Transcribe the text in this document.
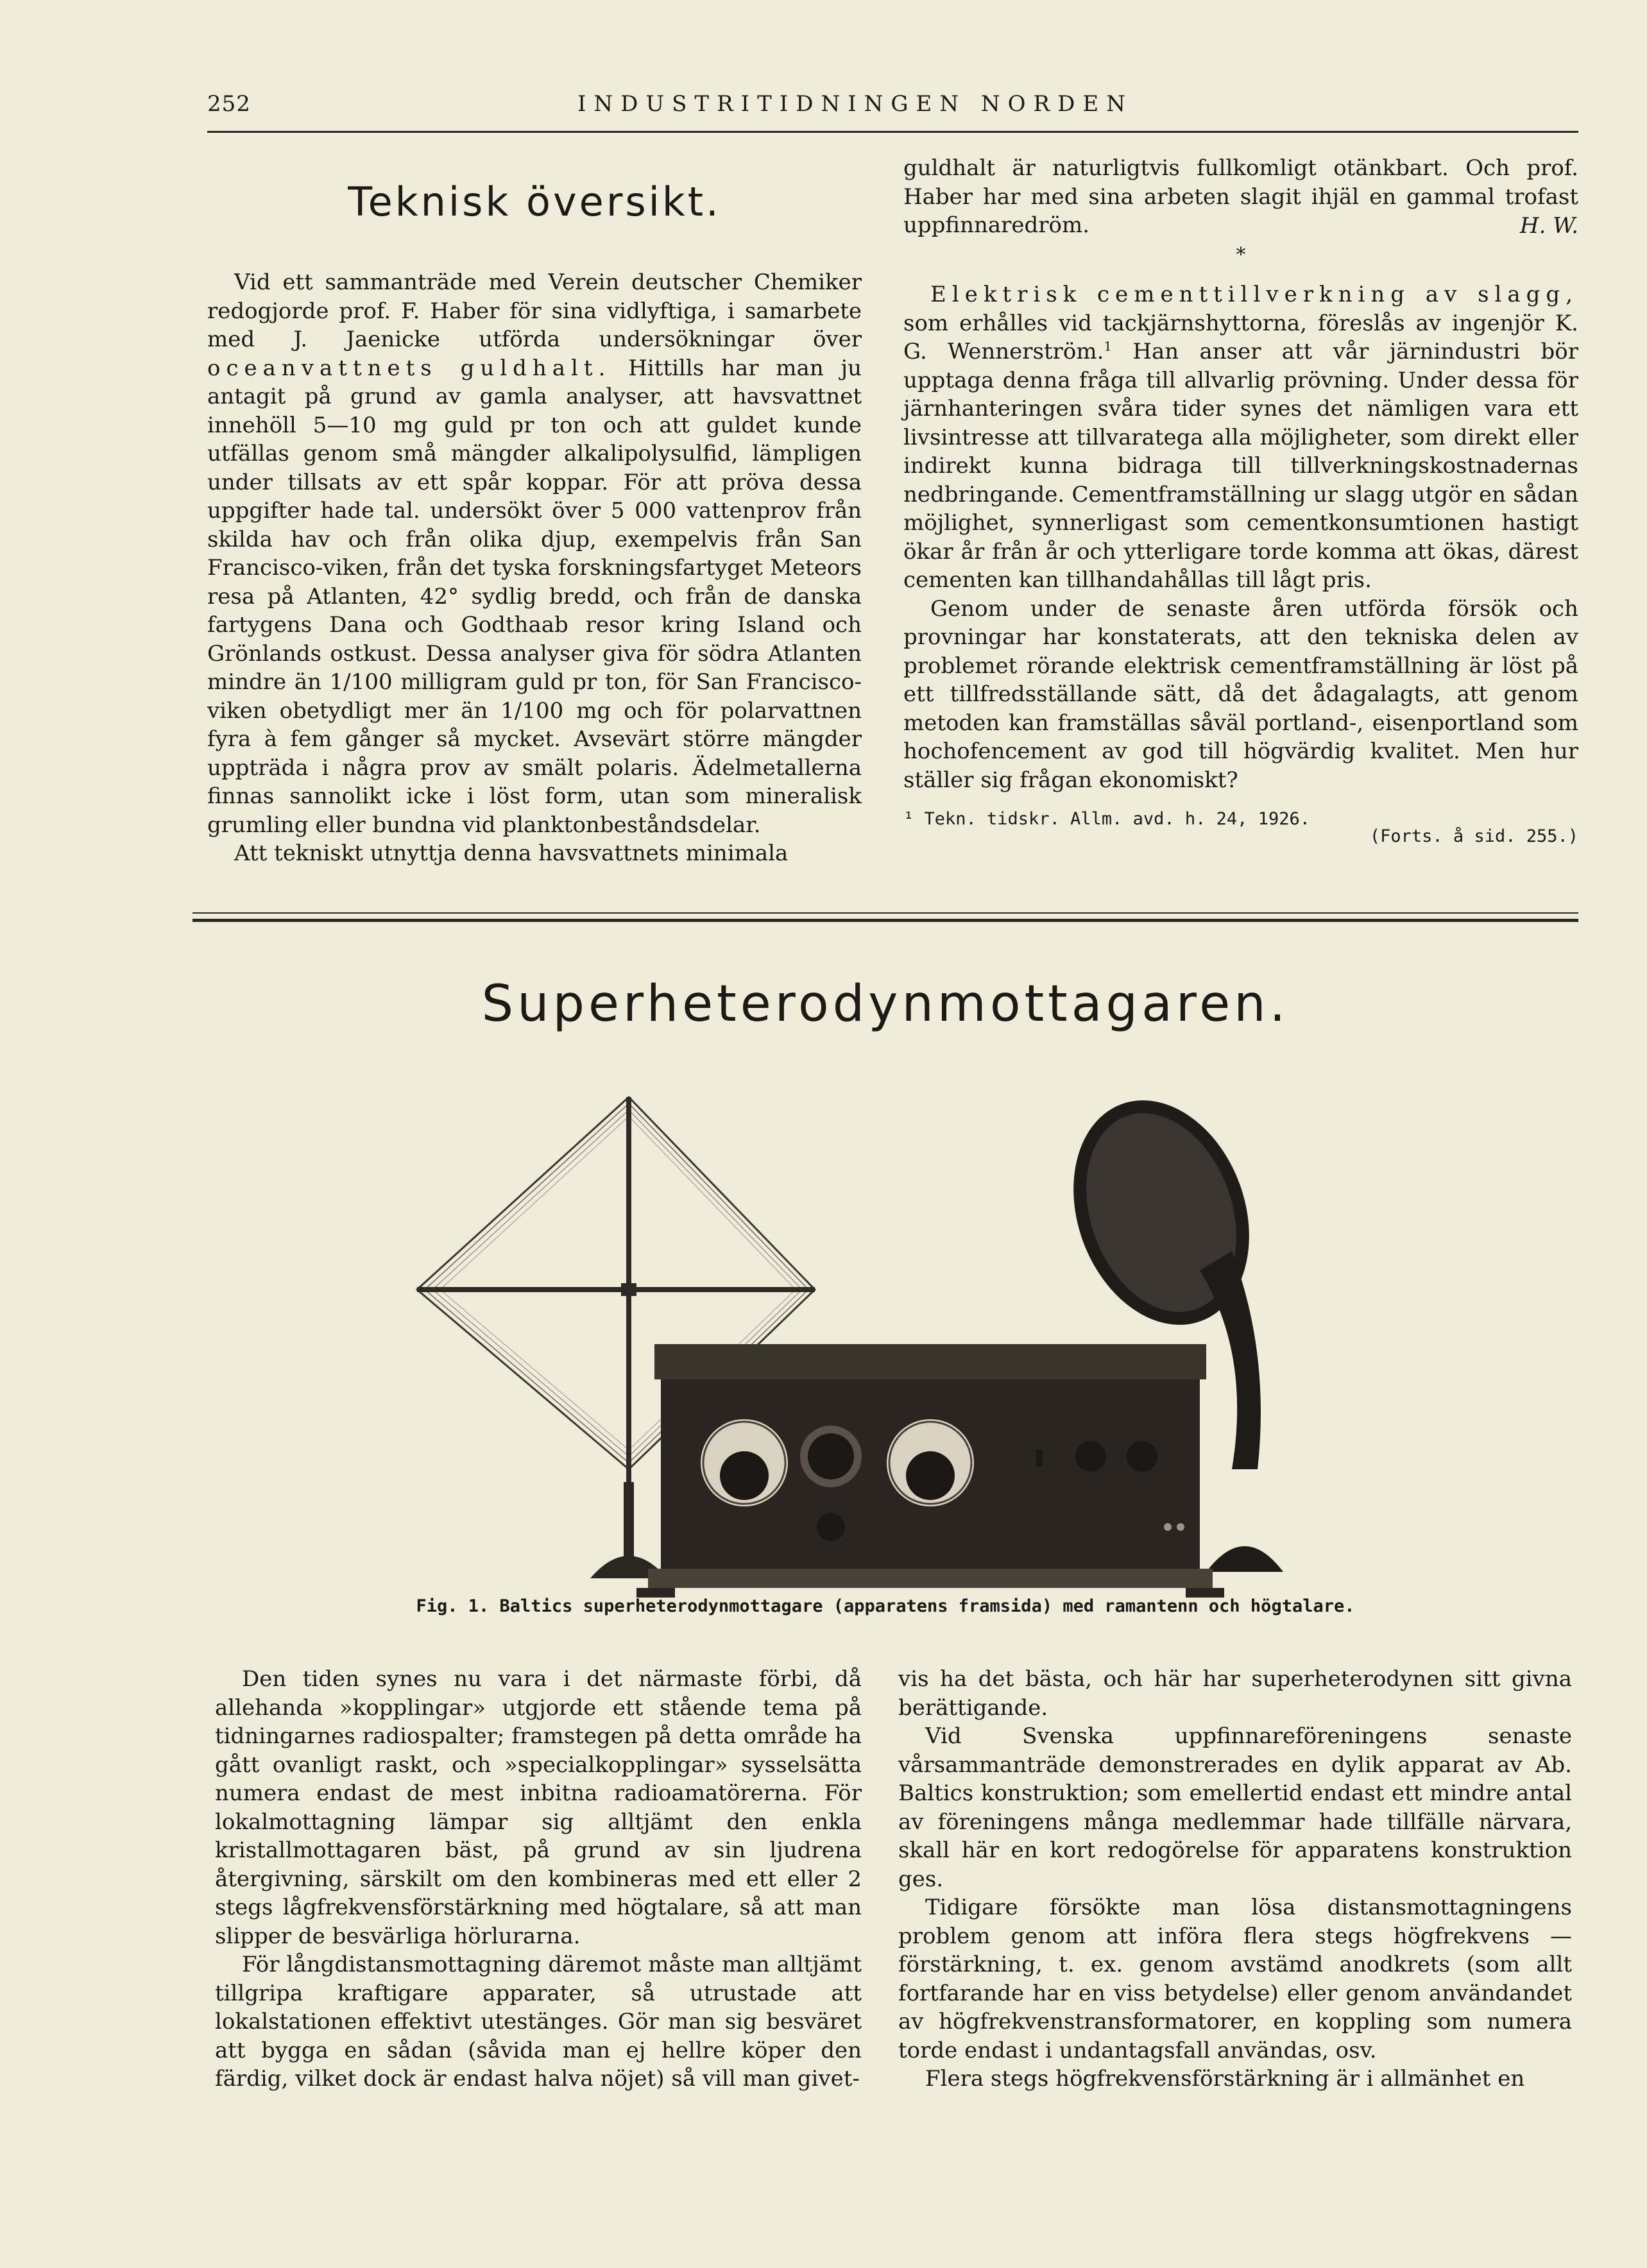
252	INDUSTRITIDNINGEN NORDEN
Teknisk översikt.

Vid ett sammanträde med Verein deutscher Chemiker redogjorde prof. F. Haber för sina vidlyftiga, i samarbete med J. Jaenicke utförda undersökningar över oceanvattnets guldhalt. Hittills har man ju antagit på grund av gamla analyser, att havsvattnet innehöll 5—10 mg guld pr ton och att guldet kunde utfällas genom små mängder alkalipolysulfid, lämpligen under tillsats av ett spår koppar. För att pröva dessa uppgifter hade tal. undersökt över 5 000 vattenprov från skilda hav och från olika djup, exempelvis från San Francisco-viken, från det tyska forskningsfartyget Meteors resa på Atlanten, 42° sydlig bredd, och från de danska fartygens Dana och Godthaab resor kring Island och Grönlands ostkust. Dessa analyser giva för södra Atlanten mindre än 1/100 milligram guld pr ton, för San Francisco-viken obetydligt mer än 1/100 mg och för polarvattnen fyra à fem gånger så mycket. Avsevärt större mängder uppträda i några prov av smält polaris. Ädelmetallerna finnas sannolikt icke i löst form, utan som mineralisk grumling eller bundna vid planktonbeståndsdelar.

Att tekniskt utnyttja denna havsvattnets minimala

guldhalt är naturligtvis fullkomligt otänkbart. Och prof. Haber har med sina arbeten slagit ihjäl en gammal trofast uppfinnaredröm.	H. W.
*

Elektrisk cementtillverkning av slagg, som erhålles vid tackjärnshyttorna, föreslås av ingenjör K. G. Wennerström.$^1$ Han anser att vår järnindustri bör upptaga denna fråga till allvarlig prövning. Under dessa för järnhanteringen svåra tider synes det nämligen vara ett livsintresse att tillvaratega alla möjligheter, som direkt eller indirekt kunna bidraga till tillverkningskostnadernas nedbringande. Cementframställning ur slagg utgör en sådan möjlighet, synnerligast som cementkonsumtionen hastigt ökar år från år och ytterligare torde komma att ökas, därest cementen kan tillhandahållas till lågt pris.

Genom under de senaste åren utförda försök och provningar har konstaterats, att den tekniska delen av problemet rörande elektrisk cementframställning är löst på ett tillfredsställande sätt, då det ådagalagts, att genom metoden kan framställas såväl portland-, eisenportland som hochofencement av god till högvärdig kvalitet. Men hur ställer sig frågan ekonomiskt?

¹ Tekn. tidskr. Allm. avd. h. 24, 1926.
(Forts. å sid. 255.)
Superheterodynmottagaren.
Fig. 1. Baltics superheterodynmottagare (apparatens framsida) med ramantenn och högtalare.

Den tiden synes nu vara i det närmaste förbi, då allehanda »kopplingar» utgjorde ett stående tema på tidningarnes radiospalter; framstegen på detta område ha gått ovanligt raskt, och »specialkopplingar» sysselsätta numera endast de mest inbitna radioamatörerna. För lokalmottagning lämpar sig alltjämt den enkla kristallmottagaren bäst, på grund av sin ljudrena återgivning, särskilt om den kombineras med ett eller 2 stegs lågfrekvensförstärkning med högtalare, så att man slipper de besvärliga hörlurarna.

För långdistansmottagning däremot måste man alltjämt tillgripa kraftigare apparater, så utrustade att lokalstationen effektivt utestänges. Gör man sig besväret att bygga en sådan (såvida man ej hellre köper den färdig, vilket dock är endast halva nöjet) så vill man givet-

vis ha det bästa, och här har superheterodynen sitt givna berättigande.

Vid Svenska uppfinnareföreningens senaste vårsammanträde demonstrerades en dylik apparat av Ab. Baltics konstruktion; som emellertid endast ett mindre antal av föreningens många medlemmar hade tillfälle närvara, skall här en kort redogörelse för apparatens konstruktion ges.

Tidigare försökte man lösa distansmottagningens problem genom att införa flera stegs högfrekvens — förstärkning, t. ex. genom avstämd anodkrets (som allt fortfarande har en viss betydelse) eller genom användandet av högfrekvenstransformatorer, en koppling som numera torde endast i undantagsfall användas, osv.

Flera stegs högfrekvensförstärkning är i allmänhet en
